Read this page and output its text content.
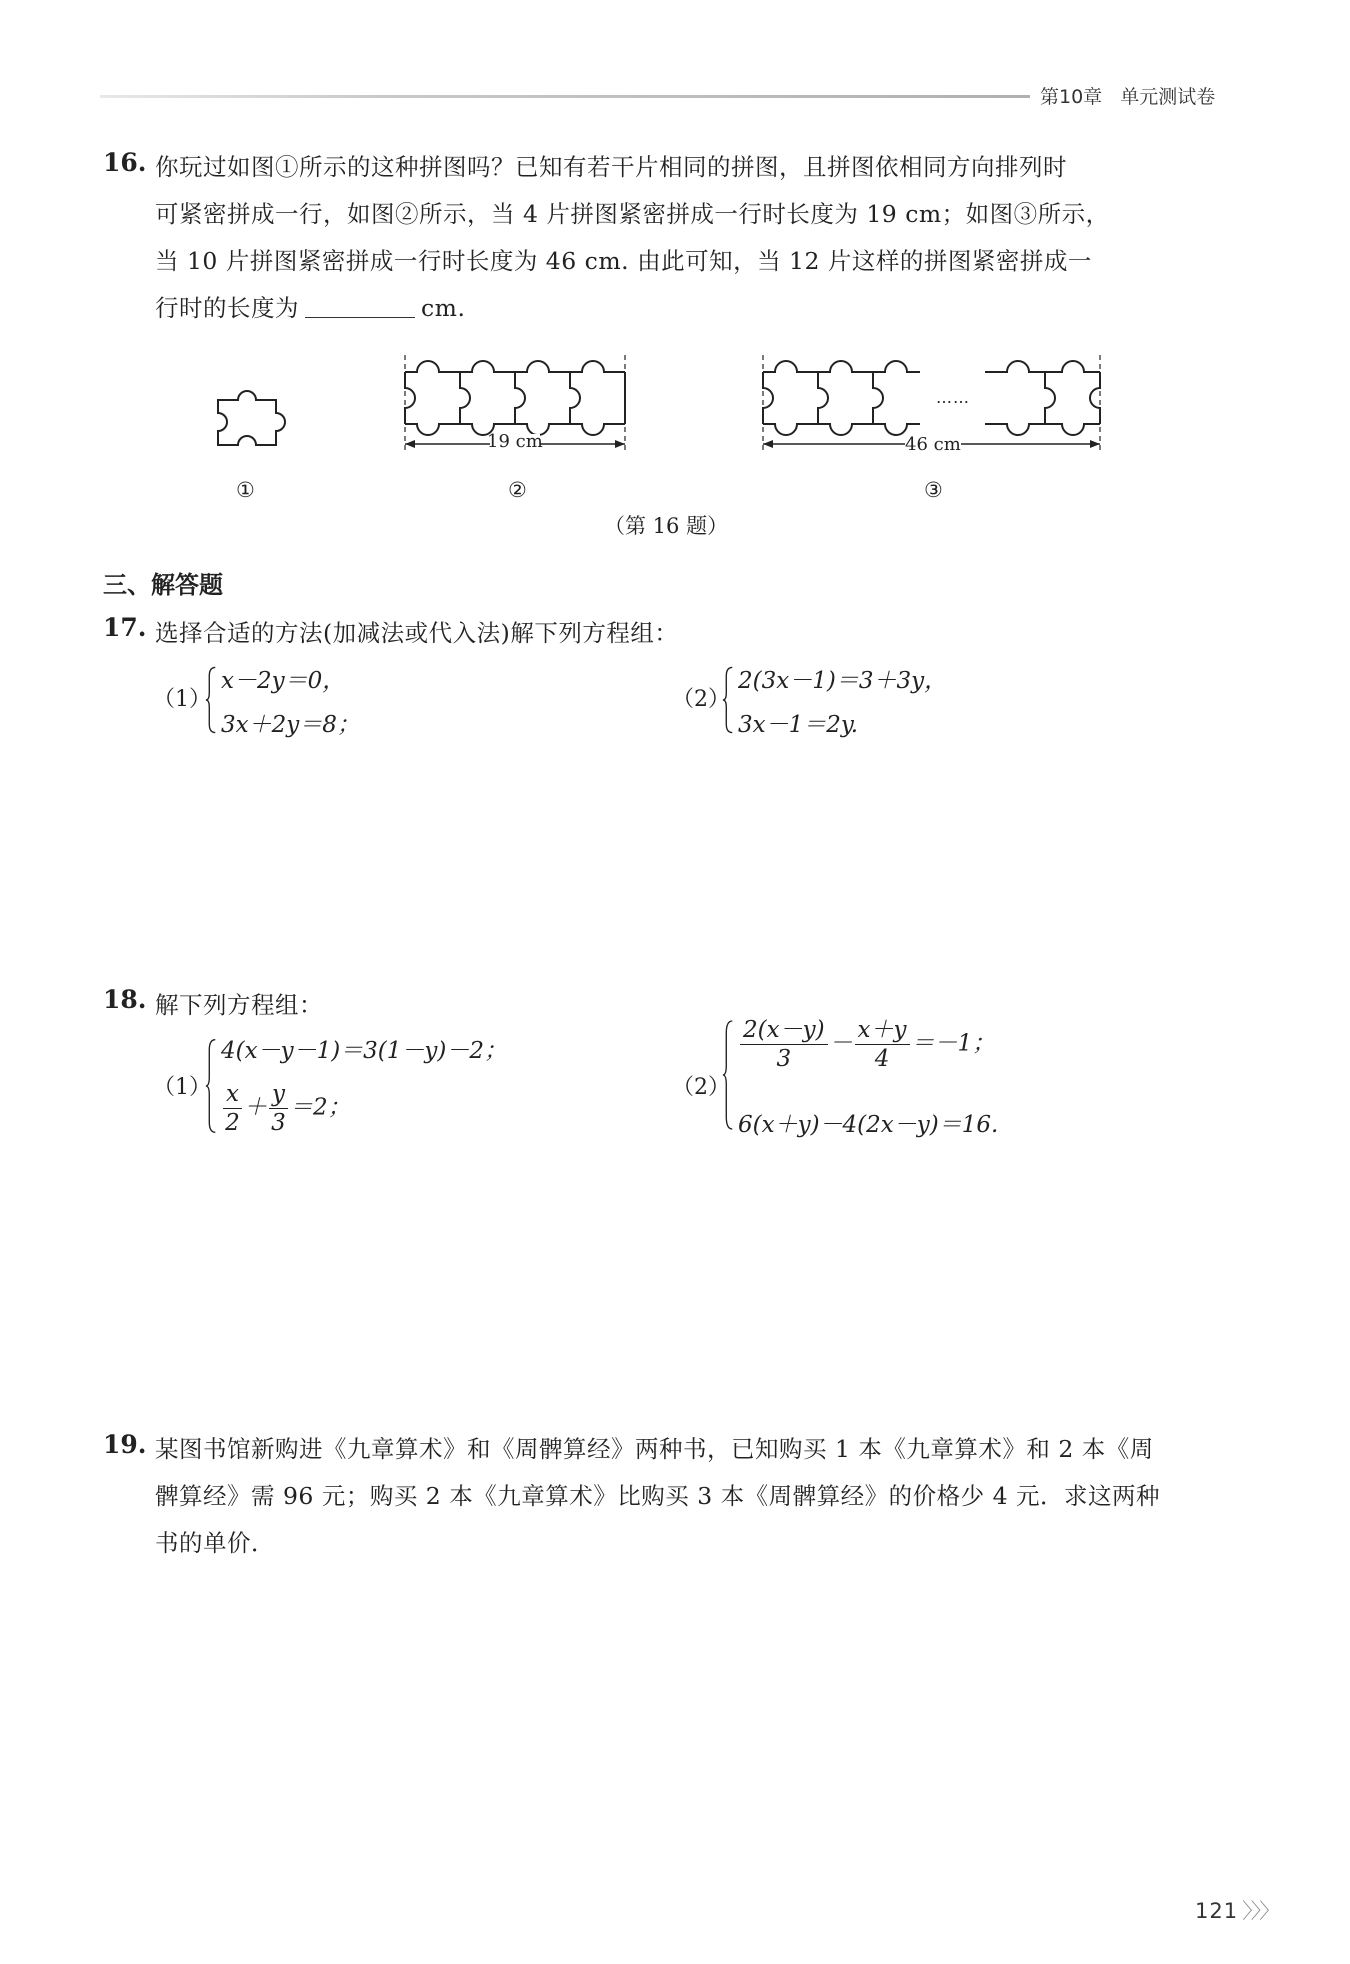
第10章 单元测试卷
16. 你玩过如图①所示的这种拼图吗？已知有若干片相同的拼图，且拼图依相同方向排列时
可紧密拼成一行，如图②所示，当 4 片拼图紧密拼成一行时长度为 19 cm；如图③所示，
当 10 片拼图紧密拼成一行时长度为 46 cm. 由此可知，当 12 片这样的拼图紧密拼成一
行时的长度为	cm.
①
19 cm
②
……
46 cm
③
（第 16 题）
三、解答题
17. 选择合适的方法(加减法或代入法)解下列方程组：
（1）
x－2y＝0，
3x＋2y＝8；
（2）
2(3x－1)＝3＋3y，
3x－1＝2y.
18. 解下列方程组：
（1）
4(x－y－1)＝3(1－y)－2；
$\frac{x}{2} + \frac{y}{3} =2$；
（2）
$\frac{2(x-y)}{3} - \frac{x+y}{4} =-1$；
6(x＋y)－4(2x－y)＝16.
19. 某图书馆新购进《九章算术》和《周髀算经》两种书，已知购买 1 本《九章算术》和 2 本《周
髀算经》需 96 元；购买 2 本《九章算术》比购买 3 本《周髀算经》的价格少 4 元．求这两种
书的单价．
121 〉〉〉
